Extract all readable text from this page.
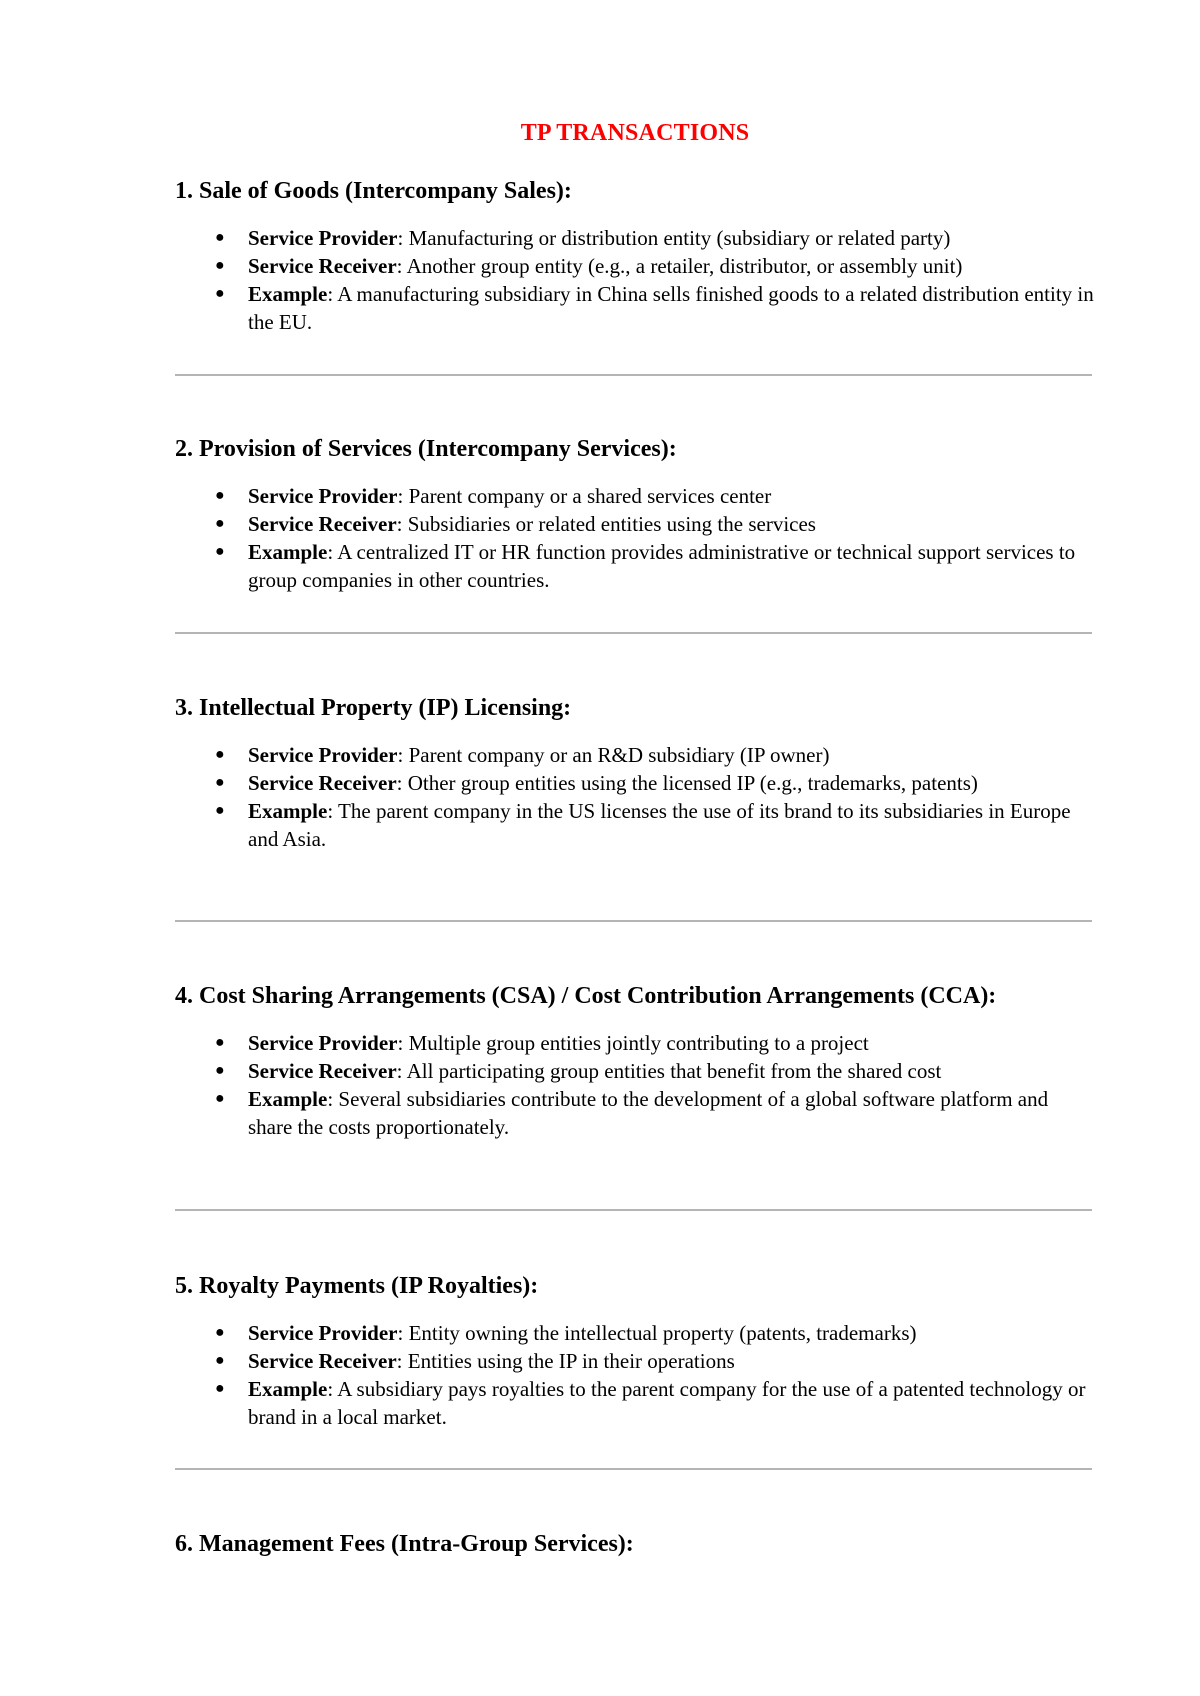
TP TRANSACTIONS
1. Sale of Goods (Intercompany Sales):
● Service Provider: Manufacturing or distribution entity (subsidiary or related party)
● Service Receiver: Another group entity (e.g., a retailer, distributor, or assembly unit)
● Example: A manufacturing subsidiary in China sells finished goods to a related distribution entity in the EU.
2. Provision of Services (Intercompany Services):
● Service Provider: Parent company or a shared services center
● Service Receiver: Subsidiaries or related entities using the services
● Example: A centralized IT or HR function provides administrative or technical support services to group companies in other countries.
3. Intellectual Property (IP) Licensing:
● Service Provider: Parent company or an R&D subsidiary (IP owner)
● Service Receiver: Other group entities using the licensed IP (e.g., trademarks, patents)
● Example: The parent company in the US licenses the use of its brand to its subsidiaries in Europe and Asia.
4. Cost Sharing Arrangements (CSA) / Cost Contribution Arrangements (CCA):
● Service Provider: Multiple group entities jointly contributing to a project
● Service Receiver: All participating group entities that benefit from the shared cost
● Example: Several subsidiaries contribute to the development of a global software platform and share the costs proportionately.
5. Royalty Payments (IP Royalties):
● Service Provider: Entity owning the intellectual property (patents, trademarks)
● Service Receiver: Entities using the IP in their operations
● Example: A subsidiary pays royalties to the parent company for the use of a patented technology or brand in a local market.
6. Management Fees (Intra-Group Services):
